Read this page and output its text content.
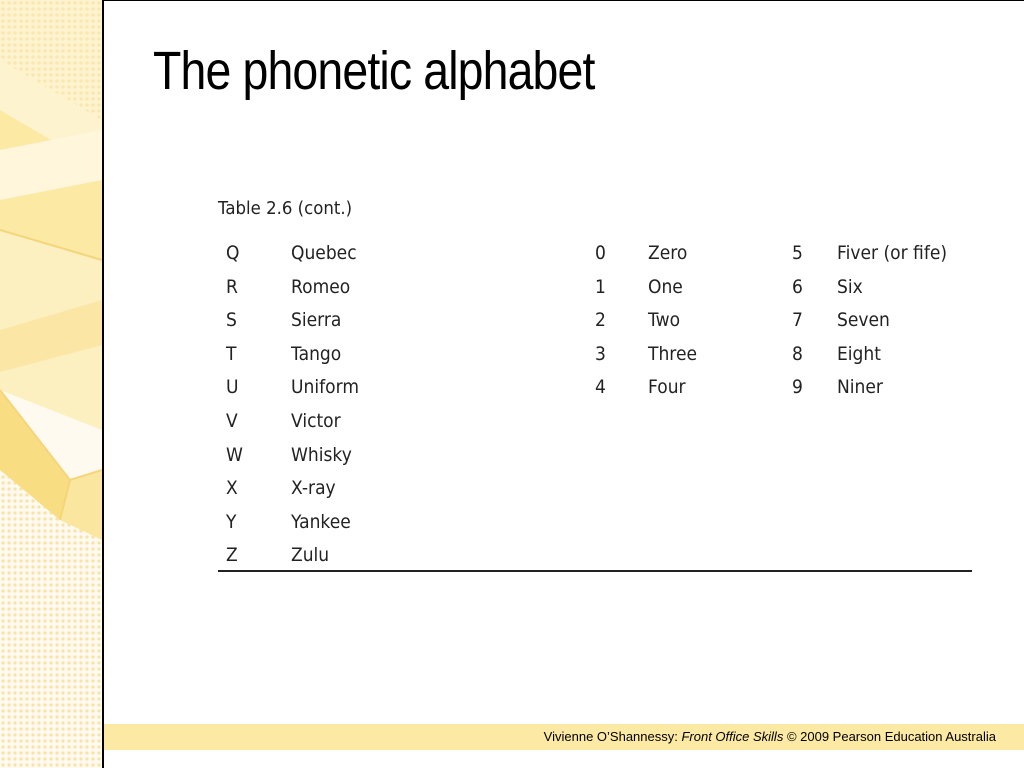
The phonetic alphabet
Table 2.6 (cont.)
Q	Quebec	0 Zero	5 Fiver (or fife)
R	Romeo	1 One	6 Six
S	Sierra	2 Two	7 Seven
T	Tango	3 Three	8 Eight
U	Uniform	4 Four	9 Niner
V	Victor
W	Whisky
X	X-ray
Y	Yankee
Z	Zulu
Vivienne O’Shannessy: Front Office Skills © 2009 Pearson Education Australia
